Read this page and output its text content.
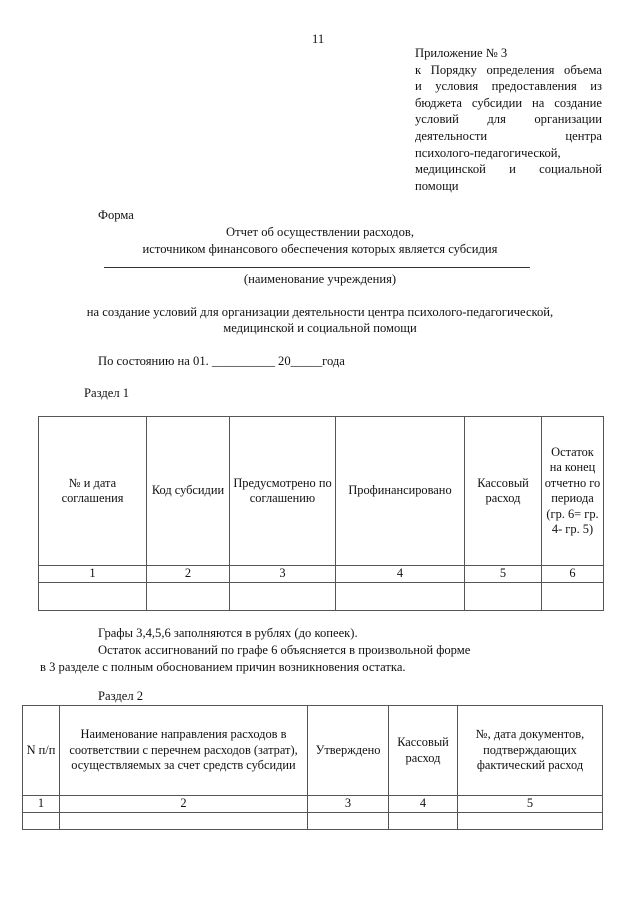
11
Приложение № 3
к Порядку определения объема
и условия предоставления из
бюджета субсидии на создание
условий для организации
деятельности центра
психолого-педагогической,
медицинской и социальной
помощи
Форма
Отчет об осуществлении расходов,
источником финансового обеспечения которых является субсидия
(наименование учреждения)
на создание условий для организации деятельности центра психолого-педагогической,
медицинской и социальной помощи
По состоянию на 01. __________ 20_____года
Раздел 1
№ и дата соглашения	Код субсидии	Предусмотрено по соглашению	Профинансировано	Кассовый расход	Остаток на конец отчетно го периода (гр. 6= гр. 4- гр. 5)
1	2	3	4	5	6

Графы 3,4,5,6 заполняются в рублях (до копеек).
Остаток ассигнований по графе 6 объясняется в произвольной форме
в 3 разделе с полным обоснованием причин возникновения остатка.
Раздел 2
N п/п	Наименование направления расходов в соответствии с перечнем расходов (затрат), осуществляемых за счет средств субсидии	Утверждено	Кассовый расход	№, дата документов, подтверждающих фактический расход
1	2	3	4	5
